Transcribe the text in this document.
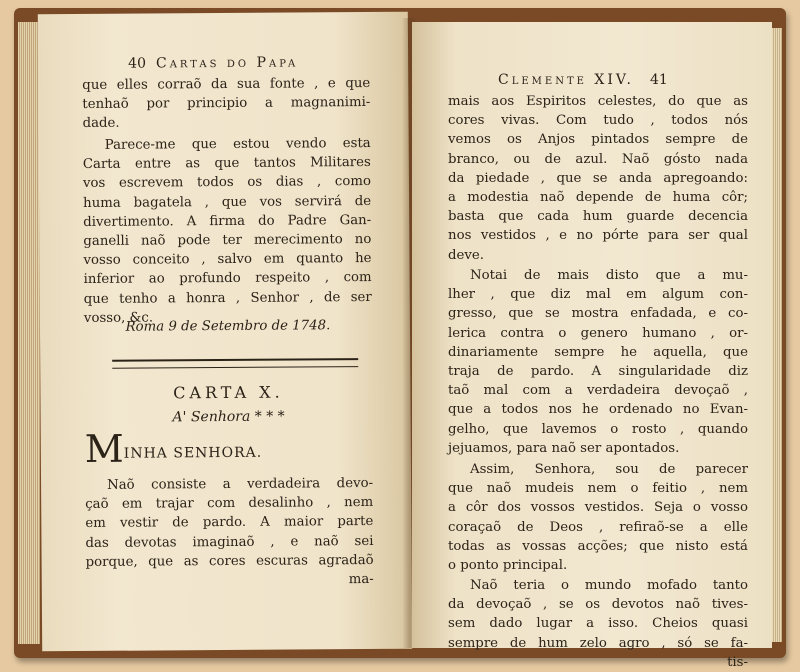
40 Cartas do Papa
que elles corraõ da sua fonte , e que
tenhaõ por principio a magnanimi-
dade.
Parece-me que estou vendo esta
Carta entre as que tantos Militares
vos escrevem todos os dias , como
huma bagatela , que vos servirá de
divertimento. A firma do Padre Gan-
ganelli naõ pode ter merecimento no
vosso conceito , salvo em quanto he
inferior ao profundo respeito , com
que tenho a honra , Senhor , de ser
vosso, &c.
Roma 9 de Setembro de 1748.
CARTA X.
A' Senhora * * *
MINHA SENHORA.
Naõ consiste a verdadeira devo-
çaõ em trajar com desalinho , nem
em vestir de pardo. A maior parte
das devotas imaginaõ , e naõ sei
porque, que as cores escuras agradaõ
ma-
Clemente XIV. 41
mais aos Espiritos celestes, do que as
cores vivas. Com tudo , todos nós
vemos os Anjos pintados sempre de
branco, ou de azul. Naõ gósto nada
da piedade , que se anda apregoando:
a modestia naõ depende de huma côr;
basta que cada hum guarde decencia
nos vestidos , e no pórte para ser qual
deve.
Notai de mais disto que a mu-
lher , que diz mal em algum con-
gresso, que se mostra enfadada, e co-
lerica contra o genero humano , or-
dinariamente sempre he aquella, que
traja de pardo. A singularidade diz
taõ mal com a verdadeira devoçaõ ,
que a todos nos he ordenado no Evan-
gelho, que lavemos o rosto , quando
jejuamos, para naõ ser apontados.
Assim, Senhora, sou de parecer
que naõ mudeis nem o feitio , nem
a côr dos vossos vestidos. Seja o vosso
coraçaõ de Deos , refiraõ-se a elle
todas as vossas acções; que nisto está
o ponto principal.
Naõ teria o mundo mofado tanto
da devoçaõ , se os devotos naõ tives-
sem dado lugar a isso. Cheios quasi
sempre de hum zelo agro , só se fa-
tis-
